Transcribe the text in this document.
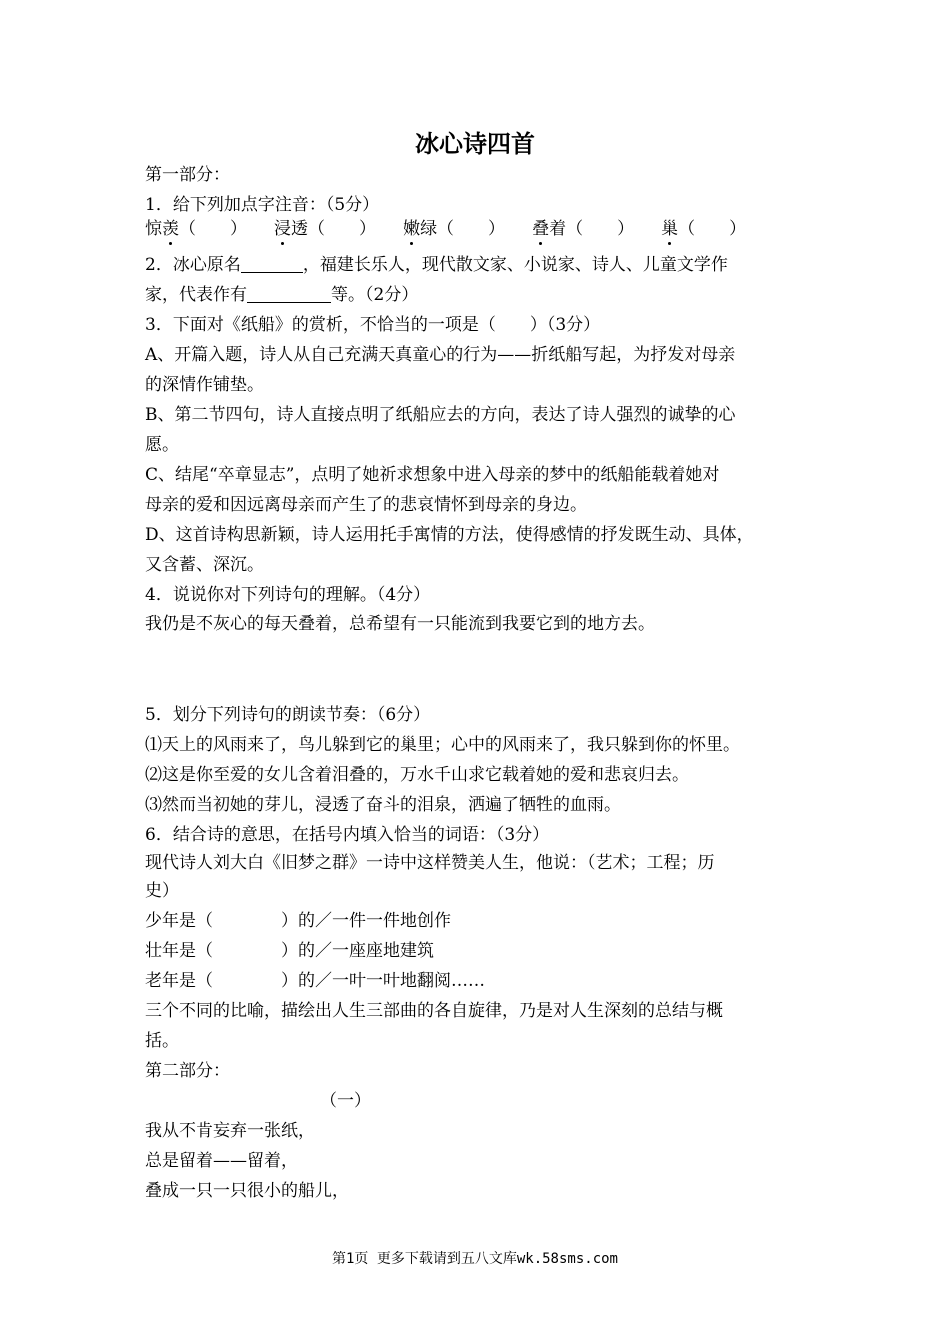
冰心诗四首
第一部分：
1．给下列加点字注音：（5分）
惊羡（　　） 浸透（　　） 嫩绿（　　） 叠着（　　） 巢（　　）
2．冰心原名	，福建长乐人，现代散文家、小说家、诗人、儿童文学作
家，代表作有	等。（2分）
3．下面对《纸船》的赏析，不恰当的一项是（　　）（3分）
A、开篇入题，诗人从自己充满天真童心的行为——折纸船写起，为抒发对母亲
的深情作铺垫。
B、第二节四句，诗人直接点明了纸船应去的方向，表达了诗人强烈的诚挚的心
愿。
C、结尾“卒章显志”，点明了她祈求想象中进入母亲的梦中的纸船能载着她对
母亲的爱和因远离母亲而产生了的悲哀情怀到母亲的身边。
D、这首诗构思新颖，诗人运用托手寓情的方法，使得感情的抒发既生动、具体，
又含蓄、深沉。
4．说说你对下列诗句的理解。（4分）
我仍是不灰心的每天叠着，总希望有一只能流到我要它到的地方去。
5．划分下列诗句的朗读节奏：（6分）
⑴天上的风雨来了，鸟儿躲到它的巢里；心中的风雨来了，我只躲到你的怀里。
⑵这是你至爱的女儿含着泪叠的，万水千山求它载着她的爱和悲哀归去。
⑶然而当初她的芽儿，浸透了奋斗的泪泉，洒遍了牺牲的血雨。
6．结合诗的意思，在括号内填入恰当的词语：（3分）
现代诗人刘大白《旧梦之群》一诗中这样赞美人生，他说：（艺术；工程；历
史）
少年是（　　　　）的／一件一件地创作
壮年是（　　　　）的／一座座地建筑
老年是（　　　　）的／一叶一叶地翻阅……
三个不同的比喻，描绘出人生三部曲的各自旋律，乃是对人生深刻的总结与概
括。
第二部分：
（一）
我从不肯妄弃一张纸，
总是留着——留着，
叠成一只一只很小的船儿，
第1页 更多下载请到五八文库wk.58sms.com
